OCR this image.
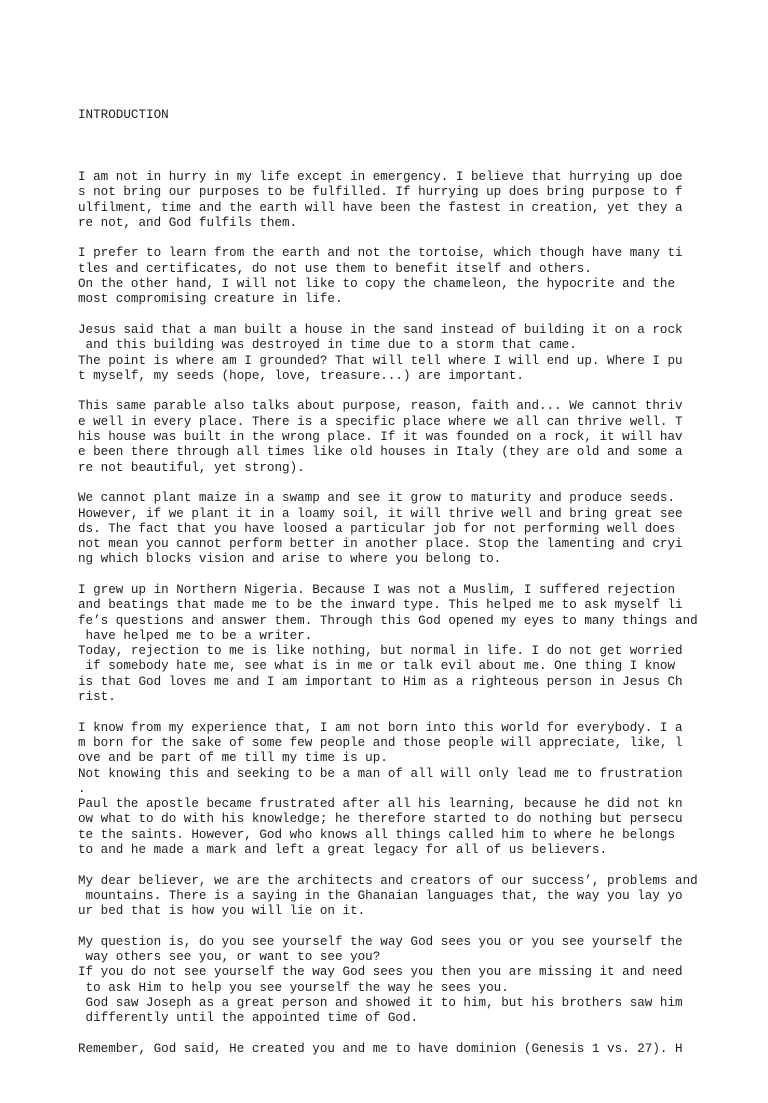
INTRODUCTION

I am not in hurry in my life except in emergency. I believe that hurrying up doe
s not bring our purposes to be fulfilled. If hurrying up does bring purpose to f
ulfilment, time and the earth will have been the fastest in creation, yet they a
re not, and God fulfils them.
I prefer to learn from the earth and not the tortoise, which though have many ti
tles and certificates, do not use them to benefit itself and others.
On the other hand, I will not like to copy the chameleon, the hypocrite and the
most compromising creature in life.
Jesus said that a man built a house in the sand instead of building it on a rock
and this building was destroyed in time due to a storm that came.
The point is where am I grounded? That will tell where I will end up. Where I pu
t myself, my seeds (hope, love, treasure...) are important.
This same parable also talks about purpose, reason, faith and... We cannot thriv
e well in every place. There is a specific place where we all can thrive well. T
his house was built in the wrong place. If it was founded on a rock, it will hav
e been there through all times like old houses in Italy (they are old and some a
re not beautiful, yet strong).
We cannot plant maize in a swamp and see it grow to maturity and produce seeds.
However, if we plant it in a loamy soil, it will thrive well and bring great see
ds. The fact that you have loosed a particular job for not performing well does
not mean you cannot perform better in another place. Stop the lamenting and cryi
ng which blocks vision and arise to where you belong to.
I grew up in Northern Nigeria. Because I was not a Muslim, I suffered rejection
and beatings that made me to be the inward type. This helped me to ask myself li
fe’s questions and answer them. Through this God opened my eyes to many things and
have helped me to be a writer.
Today, rejection to me is like nothing, but normal in life. I do not get worried
if somebody hate me, see what is in me or talk evil about me. One thing I know
is that God loves me and I am important to Him as a righteous person in Jesus Ch
rist.
I know from my experience that, I am not born into this world for everybody. I a
m born for the sake of some few people and those people will appreciate, like, l
ove and be part of me till my time is up.
Not knowing this and seeking to be a man of all will only lead me to frustration
.
Paul the apostle became frustrated after all his learning, because he did not kn
ow what to do with his knowledge; he therefore started to do nothing but persecu
te the saints. However, God who knows all things called him to where he belongs
to and he made a mark and left a great legacy for all of us believers.
My dear believer, we are the architects and creators of our success’, problems and
mountains. There is a saying in the Ghanaian languages that, the way you lay yo
ur bed that is how you will lie on it.
My question is, do you see yourself the way God sees you or you see yourself the
way others see you, or want to see you?
If you do not see yourself the way God sees you then you are missing it and need
to ask Him to help you see yourself the way he sees you.
God saw Joseph as a great person and showed it to him, but his brothers saw him
differently until the appointed time of God.
Remember, God said, He created you and me to have dominion (Genesis 1 vs. 27). H
